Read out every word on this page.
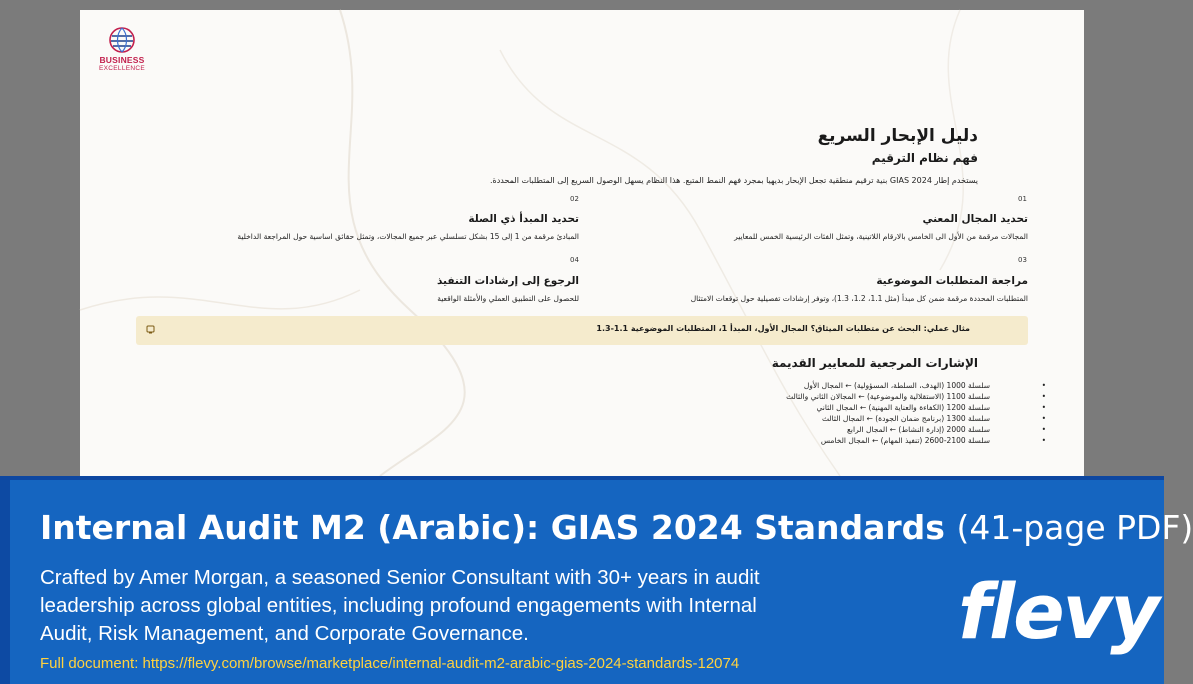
BUSINESS
EXCELLENCE
دليل الإبحار السريع
فهم نظام الترقيم
يستخدم إطار GIAS 2024 بنية ترقيم منطقية تجعل الإبحار بديهيا بمجرد فهم النمط المتبع. هذا النظام يسهل الوصول السريع إلى المتطلبات المحددة.
01
تحديد المجال المعني
المجالات مرقمة من الأول الى الخامس بالارقام اللاتينية، وتمثل الفئات الرئيسية الخمس للمعايير
02
تحديد المبدأ ذي الصلة
المبادئ مرقمة من 1 إلى 15 بشكل تسلسلي عبر جميع المجالات، وتمثل حقائق اساسية حول المراجعة الداخلية
03
مراجعة المتطلبات الموضوعية
المتطلبات المحددة مرقمة ضمن كل مبدأ (مثل 1.1، 1.2، 1.3)، وتوفر إرشادات تفصيلية حول توقعات الامتثال
04
الرجوع إلى إرشادات التنفيذ
للحصول على التطبيق العملي والأمثلة الواقعية
مثال عملي: البحث عن متطلبات الميثاق؟ المجال الأول، المبدأ 1، المتطلبات الموضوعية 1.1-1.3
الإشارات المرجعية للمعايير القديمة
• سلسلة 1000 (الهدف، السلطة، المسؤولية) ← المجال الأول
• سلسلة 1100 (الاستقلالية والموضوعية) ← المجالان الثاني والثالث
• سلسلة 1200 (الكفاءة والعناية المهنية) ← المجال الثاني
• سلسلة 1300 (برنامج ضمان الجودة) ← المجال الثالث
• سلسلة 2000 (إدارة النشاط) ← المجال الرابع
• سلسلة 2100-2600 (تنفيذ المهام) ← المجال الخامس
Internal Audit M2 (Arabic): GIAS 2024 Standards (41-page PDF)
Crafted by Amer Morgan, a seasoned Senior Consultant with 30+ years in audit leadership across global entities, including profound engagements with Internal Audit, Risk Management, and Corporate Governance.
Full document: https://flevy.com/browse/marketplace/internal-audit-m2-arabic-gias-2024-standards-12074
flevy
